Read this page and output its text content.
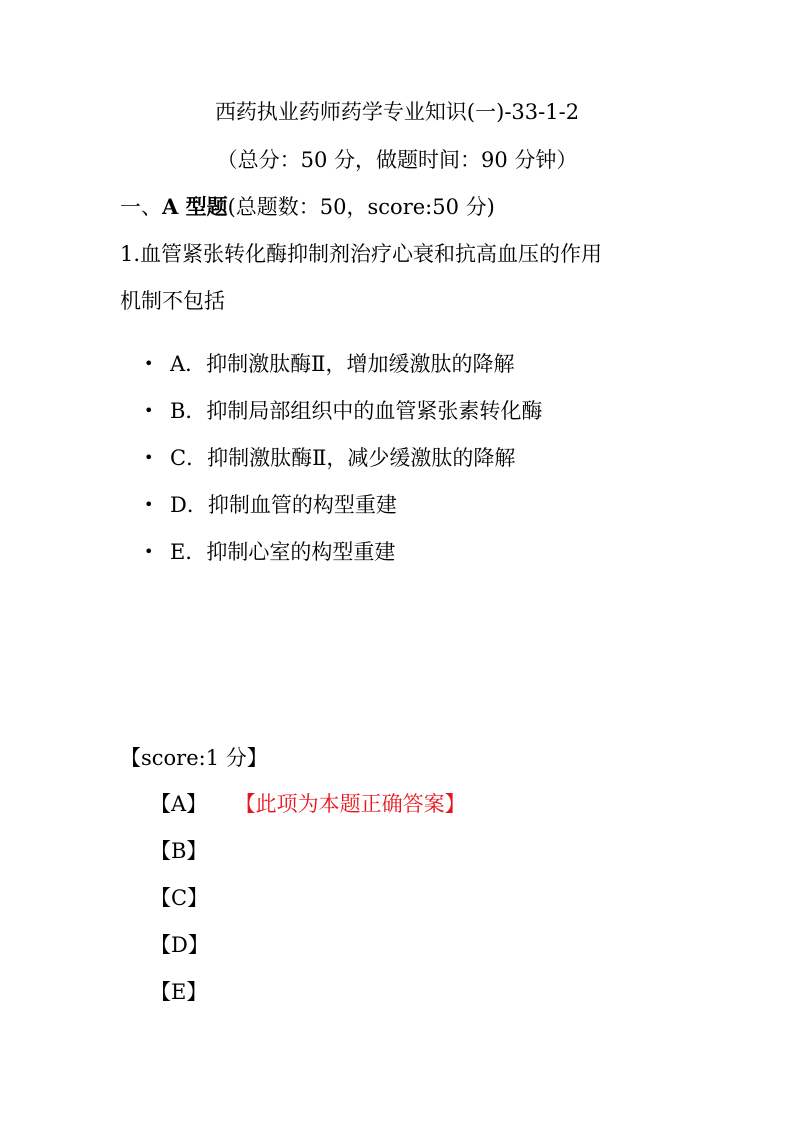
西药执业药师药学专业知识(一)-33-1-2
（总分：50 分，做题时间：90 分钟）
一、A 型题(总题数：50，score:50 分)
1.血管紧张转化酶抑制剂治疗心衰和抗高血压的作用
机制不包括
• A．抑制激肽酶Ⅱ，增加缓激肽的降解
• B．抑制局部组织中的血管紧张素转化酶
• C．抑制激肽酶Ⅱ，减少缓激肽的降解
• D．抑制血管的构型重建
• E．抑制心室的构型重建
【score:1 分】
【A】 【此项为本题正确答案】
【B】
【C】
【D】
【E】
